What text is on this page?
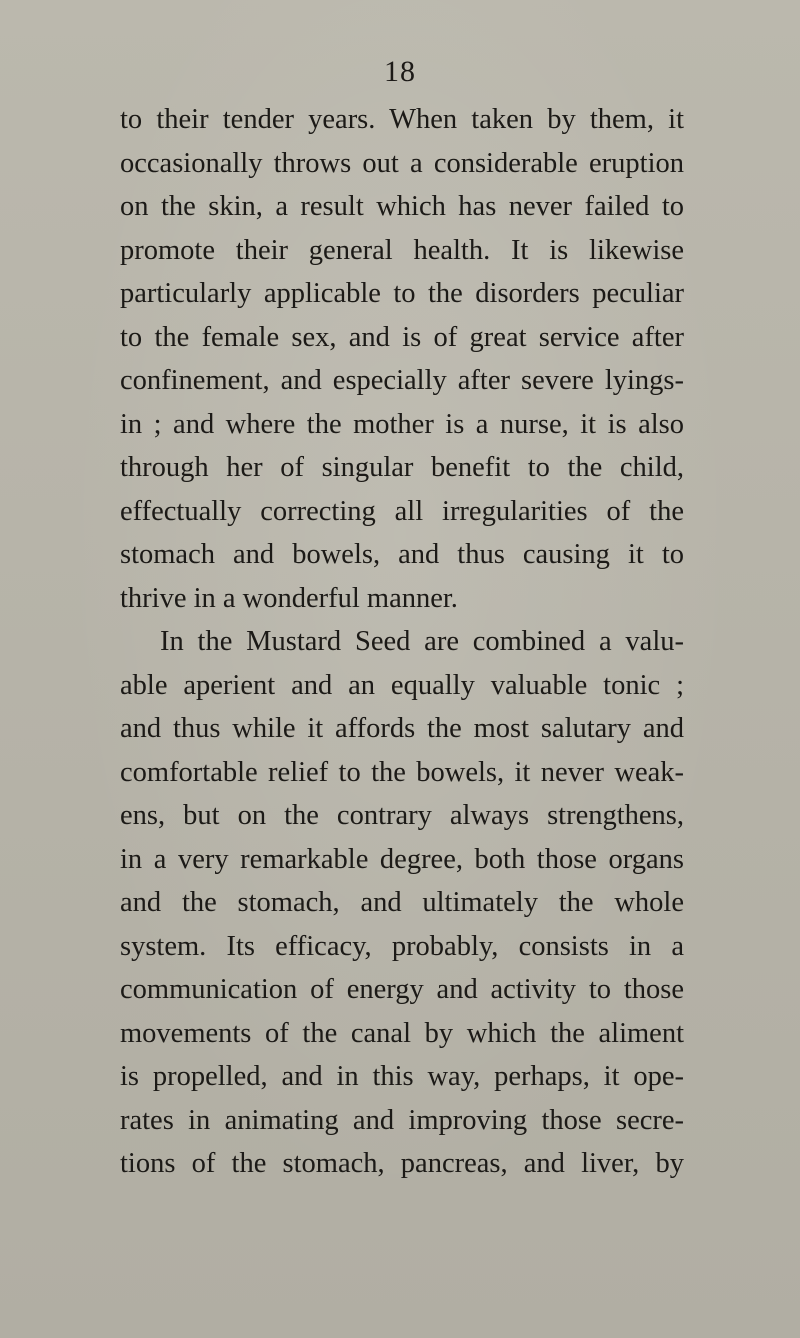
18
to their tender years. When taken by them, it
occasionally throws out a considerable eruption
on the skin, a result which has never failed to
promote their general health. It is likewise
particularly applicable to the disorders peculiar
to the female sex, and is of great service after
confinement, and especially after severe lyings-
in ; and where the mother is a nurse, it is also
through her of singular benefit to the child,
effectually correcting all irregularities of the
stomach and bowels, and thus causing it to
thrive in a wonderful manner.
In the Mustard Seed are combined a valu-
able aperient and an equally valuable tonic ;
and thus while it affords the most salutary and
comfortable relief to the bowels, it never weak-
ens, but on the contrary always strengthens,
in a very remarkable degree, both those organs
and the stomach, and ultimately the whole
system. Its efficacy, probably, consists in a
communication of energy and activity to those
movements of the canal by which the aliment
is propelled, and in this way, perhaps, it ope-
rates in animating and improving those secre-
tions of the stomach, pancreas, and liver, by
